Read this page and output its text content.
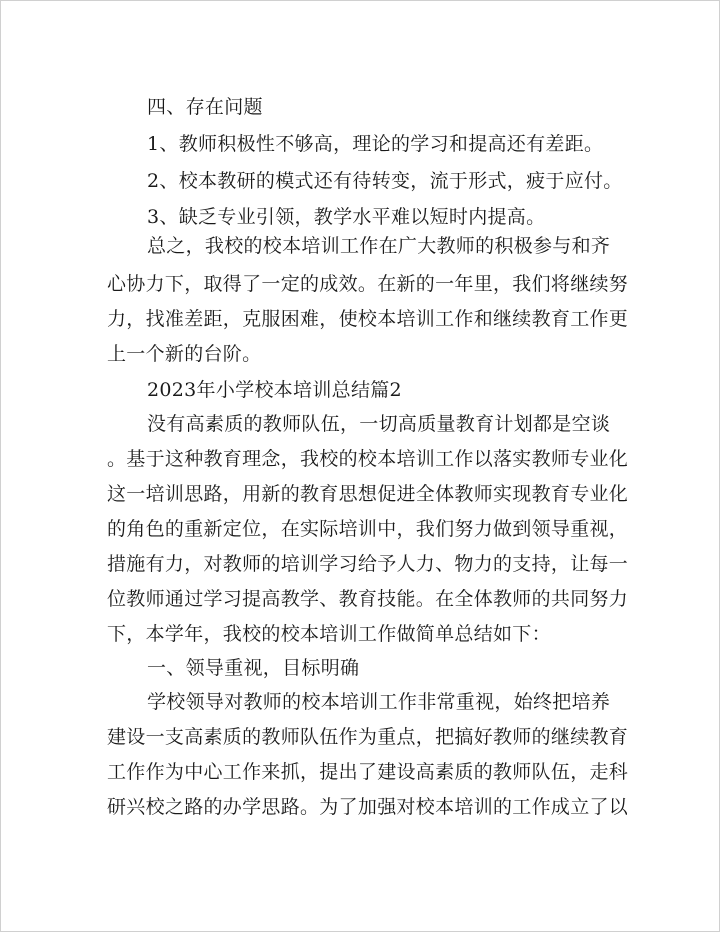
四、存在问题

1、教师积极性不够高，理论的学习和提高还有差距。

2、校本教研的模式还有待转变，流于形式，疲于应付。

3、缺乏专业引领，教学水平难以短时内提高。

总之，我校的校本培训工作在广大教师的积极参与和齐

心协力下，取得了一定的成效。在新的一年里，我们将继续努

力，找准差距，克服困难，使校本培训工作和继续教育工作更

上一个新的台阶。

2023年小学校本培训总结篇2

没有高素质的教师队伍，一切高质量教育计划都是空谈

。基于这种教育理念，我校的校本培训工作以落实教师专业化

这一培训思路，用新的教育思想促进全体教师实现教育专业化

的角色的重新定位，在实际培训中，我们努力做到领导重视，

措施有力，对教师的培训学习给予人力、物力的支持，让每一

位教师通过学习提高教学、教育技能。在全体教师的共同努力

下，本学年，我校的校本培训工作做简单总结如下：

一、领导重视，目标明确

学校领导对教师的校本培训工作非常重视，始终把培养

建设一支高素质的教师队伍作为重点，把搞好教师的继续教育

工作作为中心工作来抓，提出了建设高素质的教师队伍，走科

研兴校之路的办学思路。为了加强对校本培训的工作成立了以
